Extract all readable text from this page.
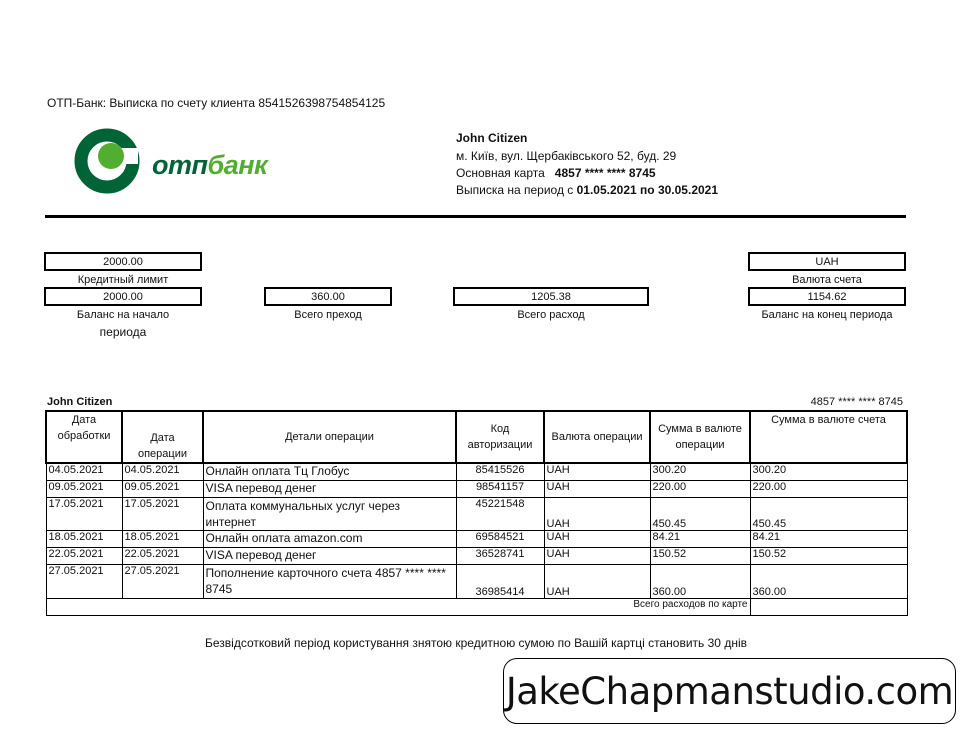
ОТП-Банк: Выписка по счету клиента 8541526398754854125
отпбанк
John Citizen
м. Київ, вул. Щербаківського 52, буд. 29
Основная карта 4857 **** **** 8745
Выписка на период с 01.05.2021 по 30.05.2021
2000.00
Кредитный лимит
UAH
Валюта счета
2000.00
Баланс на начало
периода
360.00
Всего преход
1205.38
Всего расход
1154.62
Баланс на конец периода
John Citizen	4857 **** **** 8745
Дата обработки	Дата операции	Детали операции	Код авторизации	Валюта операции	Сумма в валюте операции	Сумма в валюте счета
04.05.2021	04.05.2021	Онлайн оплата Тц Глобус	85415526	UAH	300.20	300.20
09.05.2021	09.05.2021	VISA перевод денег	98541157	UAH	220.00	220.00
17.05.2021	17.05.2021	Оплата коммунальных услуг через интернет	45221548	UAH	450.45	450.45
18.05.2021	18.05.2021	Онлайн оплата amazon.com	69584521	UAH	84.21	84.21
22.05.2021	22.05.2021	VISA перевод денег	36528741	UAH	150.52	150.52
27.05.2021	27.05.2021	Пополнение карточного счета 4857 **** **** 8745	36985414	UAH	360.00	360.00
Всего расходов по карте						
Безвідсотковий період користування знятою кредитною сумою по Вашій картці становить 30 днів
JakeChapmanstudio.com
